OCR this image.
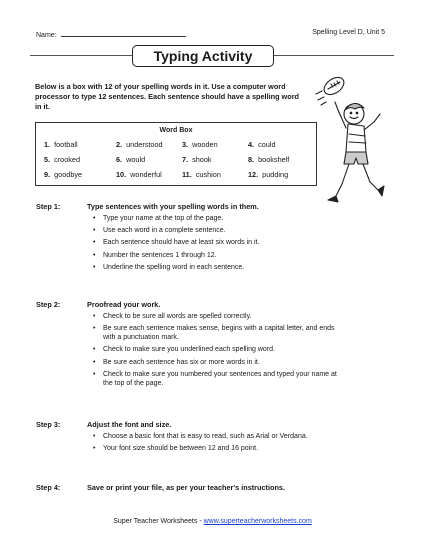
Name:	Spelling Level D, Unit 5
Typing Activity
Below is a box with 12 of your spelling words in it. Use a computer word processor to type 12 sentences. Each sentence should have a spelling word in it.
Word Box
1. football	2. understood	3. wooden	4. could
5. crooked	6. would	7. shook	8. bookshelf
9. goodbye	10. wonderful	11. cushion	12. pudding
Step 1:	Type sentences with your spelling words in them.
• Type your name at the top of the page.
• Use each word in a complete sentence.
• Each sentence should have at least six words in it.
• Number the sentences 1 through 12.
• Underline the spelling word in each sentence.
Step 2:	Proofread your work.
• Check to be sure all words are spelled correctly.
• Be sure each sentence makes sense, begins with a capital letter, and ends with a punctuation mark.
• Check to make sure you underlined each spelling word.
• Be sure each sentence has six or more words in it.
• Check to make sure you numbered your sentences and typed your name at the top of the page.
Step 3:	Adjust the font and size.
• Choose a basic font that is easy to read, such as Arial or Verdana.
• Your font size should be between 12 and 16 point.
Step 4:	Save or print your file, as per your teacher's instructions.
Super Teacher Worksheets - www.superteacherworksheets.com
